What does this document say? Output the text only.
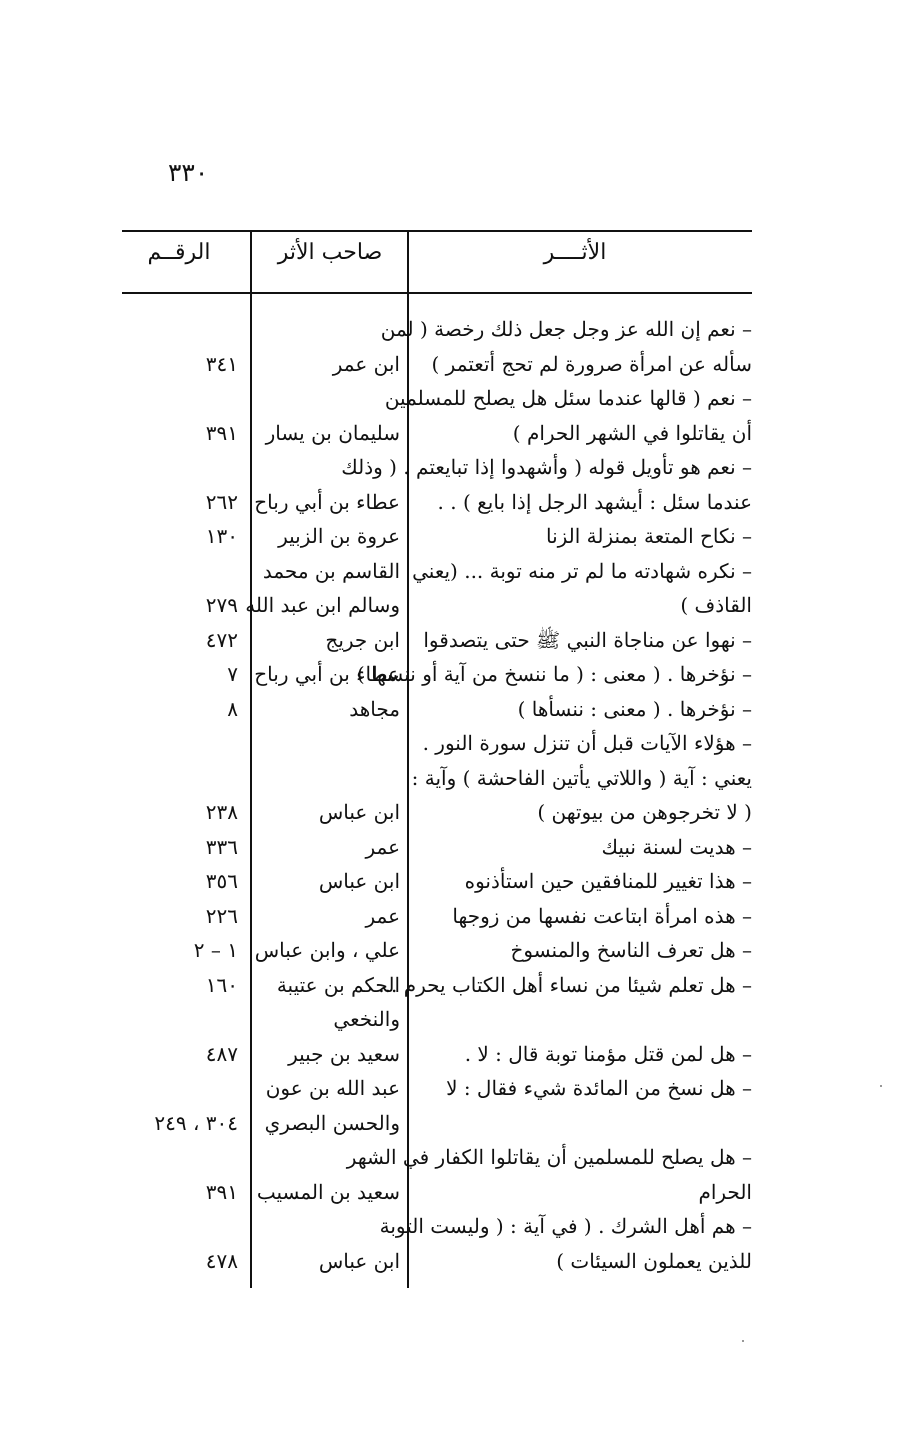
٣٣٠
الأثــــر
صاحب الأثر
الرقــم
– نعم إن الله عز وجل جعل ذلك رخصة ( لمن
سأله عن امرأة صرورة لم تحج أتعتمر )
ابن عمر
٣٤١
– نعم ( قالها عندما سئل هل يصلح للمسلمين
أن يقاتلوا في الشهر الحرام )
سليمان بن يسار
٣٩١
– نعم هو تأويل قوله ( وأشهدوا إذا تبايعتم . ( وذلك
عندما سئل : أيشهد الرجل إذا بايع ) . .
عطاء بن أبي رباح
٢٦٢
– نكاح المتعة بمنزلة الزنا
عروة بن الزبير
١٣٠
– نكره شهادته ما لم تر منه توبة ... (يعني
القاسم بن محمد
القاذف )
وسالم ابن عبد الله
٢٧٩
– نهوا عن مناجاة النبي ﷺ حتى يتصدقوا
ابن جريج
٤٧٢
– نؤخرها . ( معنى : ( ما ننسخ من آية أو ننسها )
عطاء بن أبي رباح
٧
– نؤخرها . ( معنى : ننسأها )
مجاهد
٨
– هؤلاء الآيات قبل أن تنزل سورة النور .
يعني : آية ( واللاتي يأتين الفاحشة ) وآية :
( لا تخرجوهن من بيوتهن )
ابن عباس
٢٣٨
– هديت لسنة نبيك
عمر
٣٣٦
– هذا تغيير للمنافقين حين استأذنوه
ابن عباس
٣٥٦
– هذه امرأة ابتاعت نفسها من زوجها
عمر
٢٢٦
– هل تعرف الناسخ والمنسوخ
علي ، وابن عباس
١ – ٢
– هل تعلم شيئا من نساء أهل الكتاب يحرم ...
الحكم بن عتيبة
١٦٠
والنخعي
– هل لمن قتل مؤمنا توبة قال : لا .
سعيد بن جبير
٤٨٧
– هل نسخ من المائدة شيء فقال : لا
عبد الله بن عون
والحسن البصري
٣٠٤ ، ٢٤٩
– هل يصلح للمسلمين أن يقاتلوا الكفار في الشهر
الحرام
سعيد بن المسيب
٣٩١
– هم أهل الشرك . ( في آية : ( وليست التوبة
للذين يعملون السيئات )
ابن عباس
٤٧٨
